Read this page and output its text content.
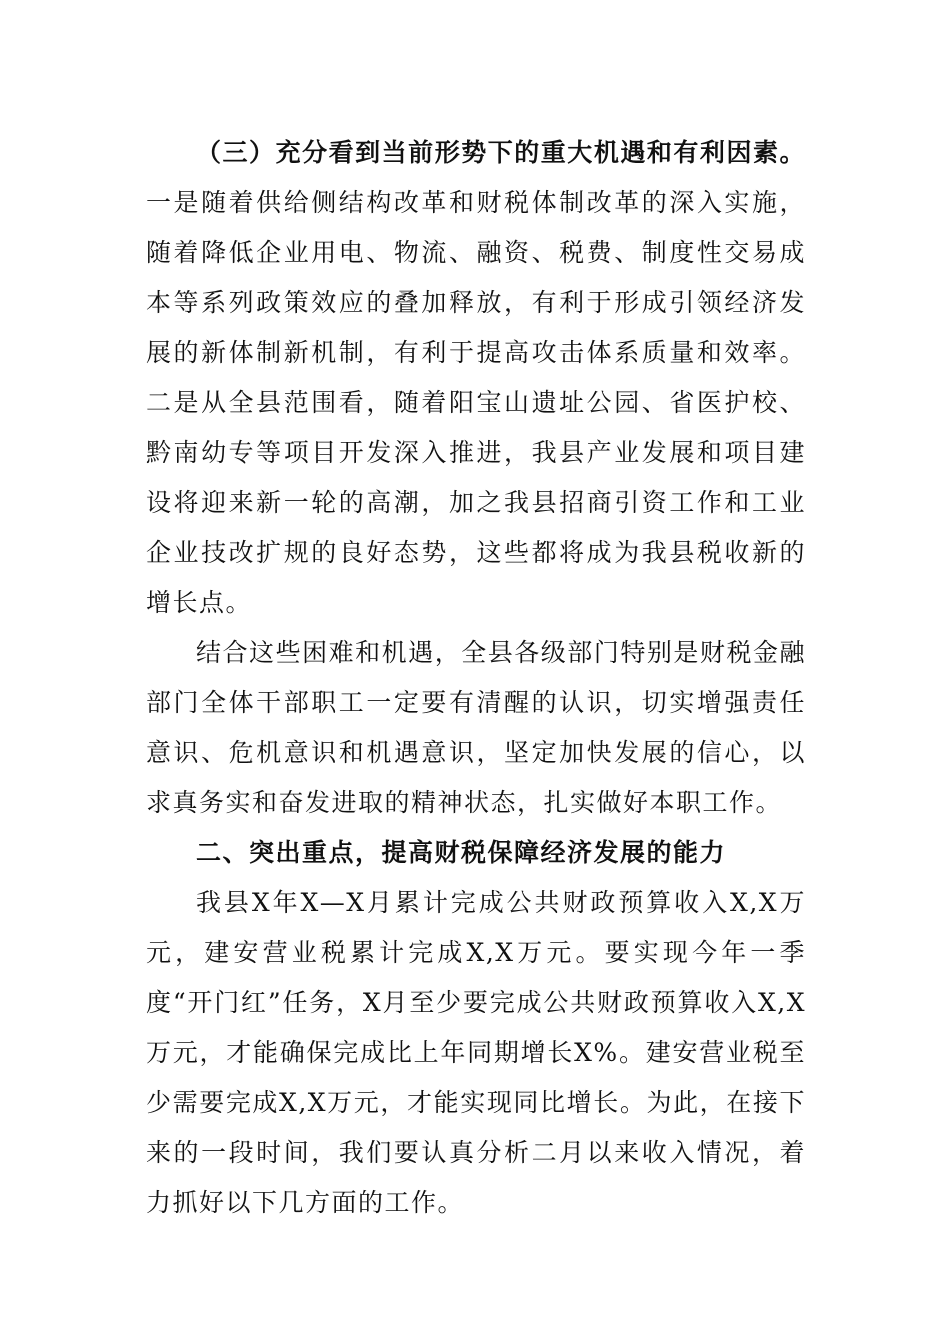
（三）充分看到当前形势下的重大机遇和有利因素。一是随着供给侧结构改革和财税体制改革的深入实施，随着降低企业用电、物流、融资、税费、制度性交易成本等系列政策效应的叠加释放，有利于形成引领经济发展的新体制新机制，有利于提高攻击体系质量和效率。二是从全县范围看，随着阳宝山遗址公园、省医护校、黔南幼专等项目开发深入推进，我县产业发展和项目建设将迎来新一轮的高潮，加之我县招商引资工作和工业企业技改扩规的良好态势，这些都将成为我县税收新的增长点。

结合这些困难和机遇，全县各级部门特别是财税金融部门全体干部职工一定要有清醒的认识，切实增强责任意识、危机意识和机遇意识，坚定加快发展的信心，以求真务实和奋发进取的精神状态，扎实做好本职工作。

二、突出重点，提高财税保障经济发展的能力

我县X年X—X月累计完成公共财政预算收入X,X万元，建安营业税累计完成X,X万元。要实现今年一季度“开门红”任务，X月至少要完成公共财政预算收入X,X万元，才能确保完成比上年同期增长X%。建安营业税至少需要完成X,X万元，才能实现同比增长。为此，在接下来的一段时间，我们要认真分析二月以来收入情况，着力抓好以下几方面的工作。
